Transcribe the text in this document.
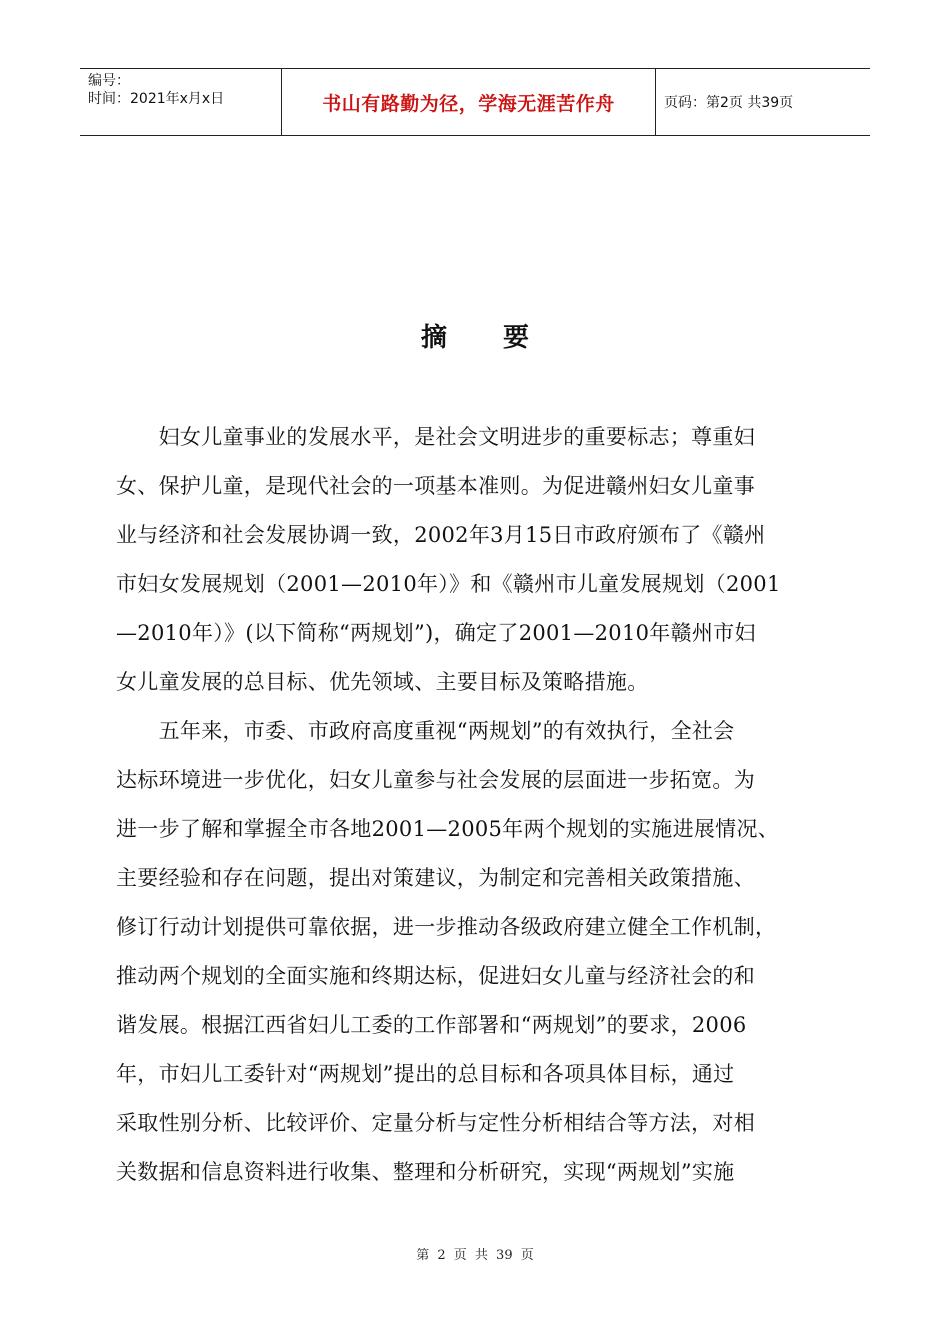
编号：
时间：2021年x月x日	书山有路勤为径，学海无涯苦作舟	页码：第2页 共39页
摘要
　　妇女儿童事业的发展水平，是社会文明进步的重要标志；尊重妇
女、保护儿童，是现代社会的一项基本准则。为促进赣州妇女儿童事
业与经济和社会发展协调一致，2002年3月15日市政府颁布了《赣州
市妇女发展规划（2001—2010年）》和《赣州市儿童发展规划（2001
—2010年）》(以下简称“两规划”)，确定了2001—2010年赣州市妇
女儿童发展的总目标、优先领域、主要目标及策略措施。
　　五年来，市委、市政府高度重视“两规划”的有效执行，全社会
达标环境进一步优化，妇女儿童参与社会发展的层面进一步拓宽。为
进一步了解和掌握全市各地2001—2005年两个规划的实施进展情况、
主要经验和存在问题，提出对策建议，为制定和完善相关政策措施、
修订行动计划提供可靠依据，进一步推动各级政府建立健全工作机制，
推动两个规划的全面实施和终期达标，促进妇女儿童与经济社会的和
谐发展。根据江西省妇儿工委的工作部署和“两规划”的要求，2006
年，市妇儿工委针对“两规划”提出的总目标和各项具体目标，通过
采取性别分析、比较评价、定量分析与定性分析相结合等方法，对相
关数据和信息资料进行收集、整理和分析研究，实现“两规划”实施
第 2 页 共 39 页
